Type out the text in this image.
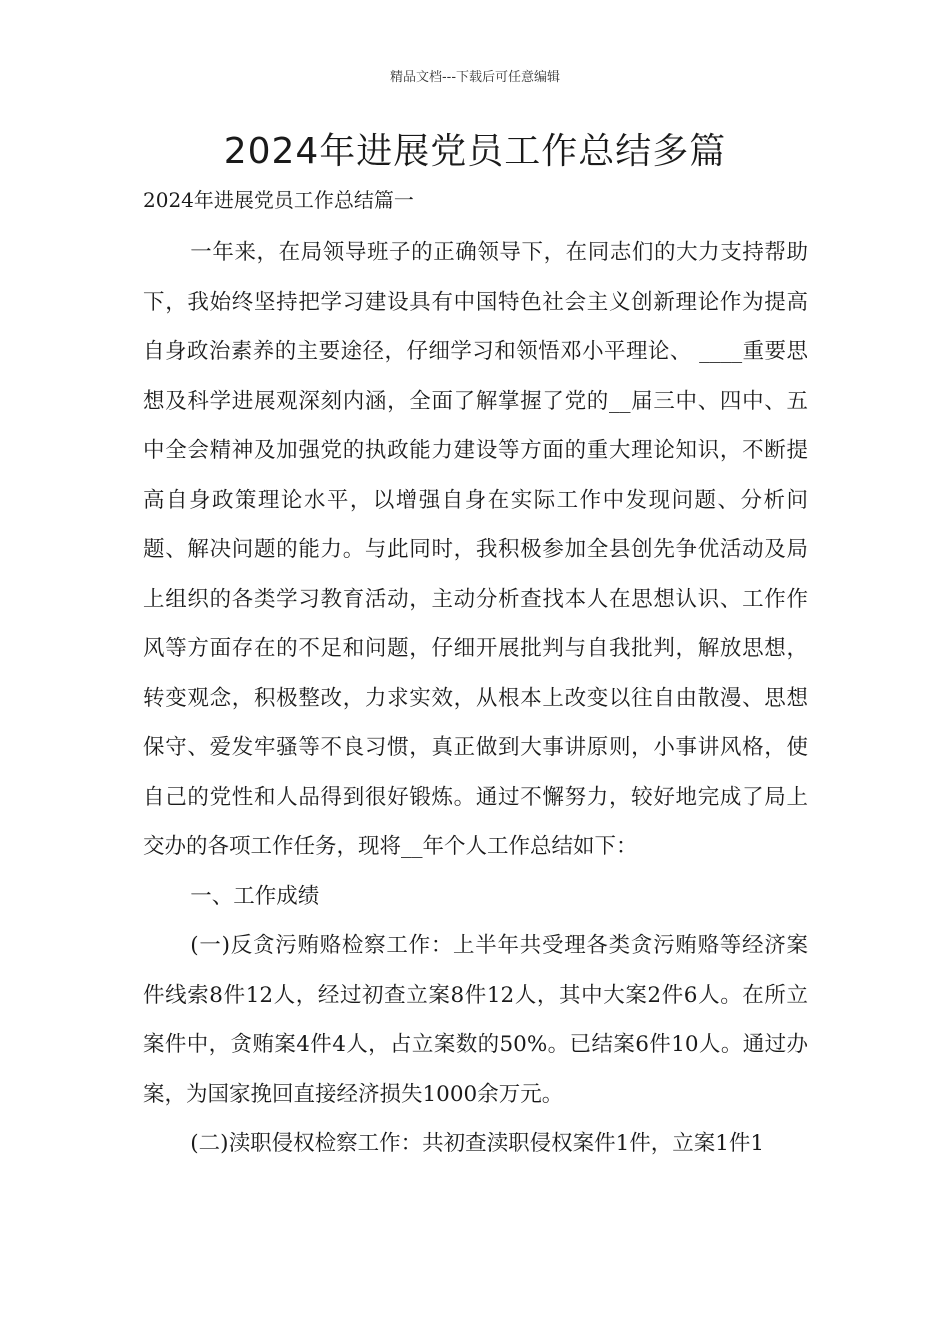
精品文档---下载后可任意编辑
2024年进展党员工作总结多篇
2024年进展党员工作总结篇一

一年来，在局领导班子的正确领导下，在同志们的大力支持帮助下，我始终坚持把学习建设具有中国特色社会主义创新理论作为提高自身政治素养的主要途径，仔细学习和领悟邓小平理论、 ____重要思想及科学进展观深刻内涵，全面了解掌握了党的__届三中、四中、五中全会精神及加强党的执政能力建设等方面的重大理论知识，不断提高自身政策理论水平，以增强自身在实际工作中发现问题、分析问题、解决问题的能力。与此同时，我积极参加全县创先争优活动及局上组织的各类学习教育活动，主动分析查找本人在思想认识、工作作风等方面存在的不足和问题，仔细开展批判与自我批判，解放思想，转变观念，积极整改，力求实效，从根本上改变以往自由散漫、思想保守、爱发牢骚等不良习惯，真正做到大事讲原则，小事讲风格，使自己的党性和人品得到很好锻炼。通过不懈努力，较好地完成了局上交办的各项工作任务，现将__年个人工作总结如下：

一、工作成绩

(一)反贪污贿赂检察工作：上半年共受理各类贪污贿赂等经济案件线索8件12人，经过初查立案8件12人，其中大案2件6人。在所立案件中，贪贿案4件4人，占立案数的50%。已结案6件10人。通过办案，为国家挽回直接经济损失1000余万元。

(二)渎职侵权检察工作：共初查渎职侵权案件1件，立案1件1
